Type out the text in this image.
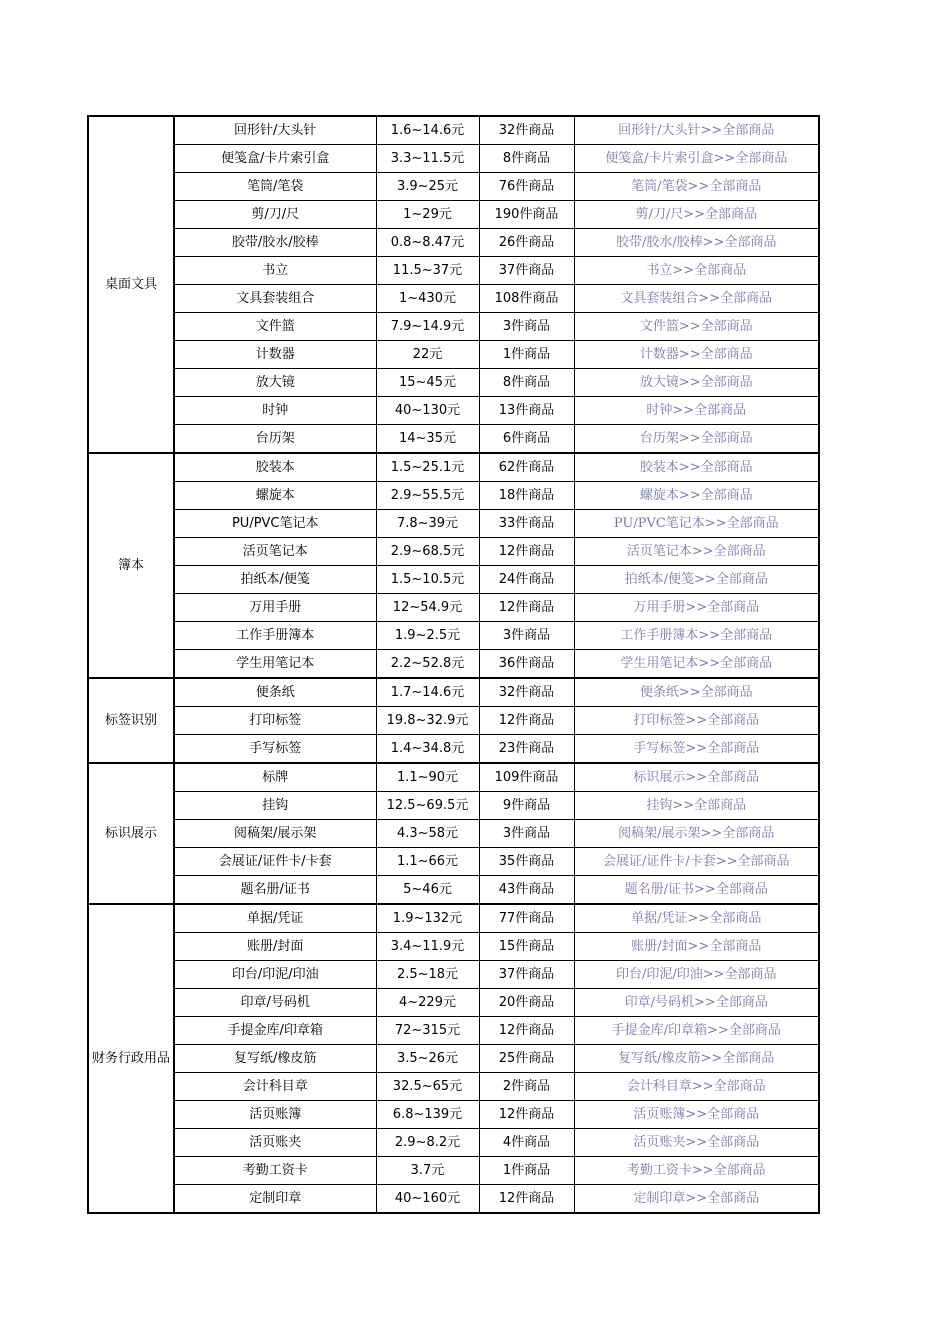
桌面文具	回形针/大头针	1.6~14.6元	32件商品	回形针/大头针>>全部商品
	便笺盒/卡片索引盒	3.3~11.5元	8件商品	便笺盒/卡片索引盒>>全部商品
	笔筒/笔袋	3.9~25元	76件商品	笔筒/笔袋>>全部商品
	剪/刀/尺	1~29元	190件商品	剪/刀/尺>>全部商品
	胶带/胶水/胶棒	0.8~8.47元	26件商品	胶带/胶水/胶棒>>全部商品
	书立	11.5~37元	37件商品	书立>>全部商品
	文具套装组合	1~430元	108件商品	文具套装组合>>全部商品
	文件篮	7.9~14.9元	3件商品	文件篮>>全部商品
	计数器	22元	1件商品	计数器>>全部商品
	放大镜	15~45元	8件商品	放大镜>>全部商品
	时钟	40~130元	13件商品	时钟>>全部商品
	台历架	14~35元	6件商品	台历架>>全部商品
簿本	胶装本	1.5~25.1元	62件商品	胶装本>>全部商品
	螺旋本	2.9~55.5元	18件商品	螺旋本>>全部商品
	PU/PVC笔记本	7.8~39元	33件商品	PU/PVC笔记本>>全部商品
	活页笔记本	2.9~68.5元	12件商品	活页笔记本>>全部商品
	拍纸本/便笺	1.5~10.5元	24件商品	拍纸本/便笺>>全部商品
	万用手册	12~54.9元	12件商品	万用手册>>全部商品
	工作手册簿本	1.9~2.5元	3件商品	工作手册簿本>>全部商品
	学生用笔记本	2.2~52.8元	36件商品	学生用笔记本>>全部商品
标签识别	便条纸	1.7~14.6元	32件商品	便条纸>>全部商品
	打印标签	19.8~32.9元	12件商品	打印标签>>全部商品
	手写标签	1.4~34.8元	23件商品	手写标签>>全部商品
标识展示	标牌	1.1~90元	109件商品	标识展示>>全部商品
	挂钩	12.5~69.5元	9件商品	挂钩>>全部商品
	阅稿架/展示架	4.3~58元	3件商品	阅稿架/展示架>>全部商品
	会展证/证件卡/卡套	1.1~66元	35件商品	会展证/证件卡/卡套>>全部商品
	题名册/证书	5~46元	43件商品	题名册/证书>>全部商品
财务行政用品	单据/凭证	1.9~132元	77件商品	单据/凭证>>全部商品
	账册/封面	3.4~11.9元	15件商品	账册/封面>>全部商品
	印台/印泥/印油	2.5~18元	37件商品	印台/印泥/印油>>全部商品
	印章/号码机	4~229元	20件商品	印章/号码机>>全部商品
	手提金库/印章箱	72~315元	12件商品	手提金库/印章箱>>全部商品
	复写纸/橡皮筋	3.5~26元	25件商品	复写纸/橡皮筋>>全部商品
	会计科目章	32.5~65元	2件商品	会计科目章>>全部商品
	活页账簿	6.8~139元	12件商品	活页账簿>>全部商品
	活页账夹	2.9~8.2元	4件商品	活页账夹>>全部商品
	考勤工资卡	3.7元	1件商品	考勤工资卡>>全部商品
	定制印章	40~160元	12件商品	定制印章>>全部商品
